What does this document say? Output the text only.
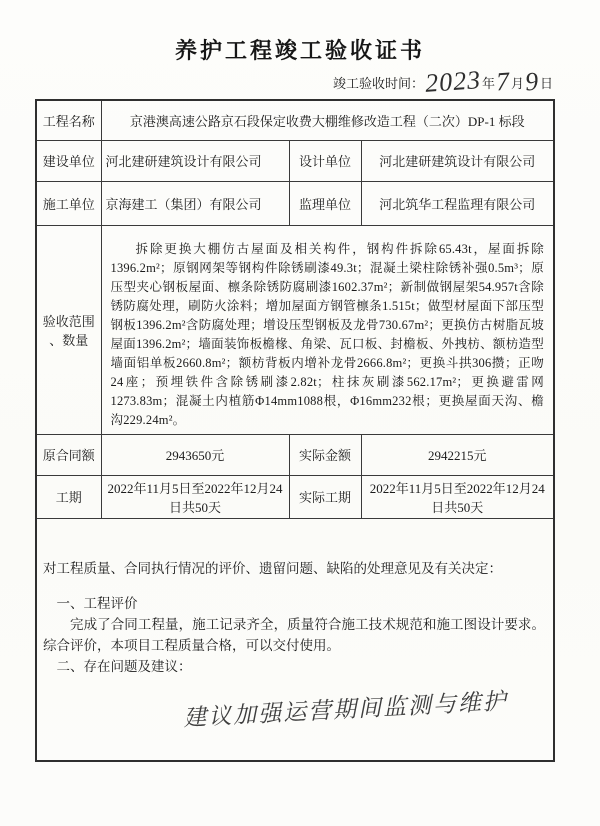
养护工程竣工验收证书
竣工验收时间：2023年7月9日
工程名称	京港澳高速公路京石段保定收费大棚维修改造工程（二次）DP-1 标段		
建设单位	河北建研建筑设计有限公司	设计单位	河北建研建筑设计有限公司
施工单位	京海建工（集团）有限公司	监理单位	河北筑华工程监理有限公司
验收范围、数量	拆除更换大棚仿古屋面及相关构件，钢构件拆除65.43t，屋面拆除1396.2m²；原钢网架等钢构件除锈刷漆49.3t；混凝土梁柱除锈补强0.5m³；原压型夹心钢板屋面、檩条除锈防腐刷漆1602.37m²；新制做钢屋架54.957t含除锈防腐处理，刷防火涂料；增加屋面方钢管檩条1.515t；做型材屋面下部压型钢板1396.2m²含防腐处理；增设压型钢板及龙骨730.67m²；更换仿古树脂瓦坡屋面1396.2m²；墙面装饰板檐椽、角梁、瓦口板、封檐板、外拽枋、额枋造型墙面铝单板2660.8m²；额枋背板内增补龙骨2666.8m²；更换斗拱306攒；正吻24座；预埋铁件含除锈刷漆2.82t；柱抹灰刷漆562.17m²；更换避雷网1273.83m；混凝土内植筋Φ14mm1088根，Φ16mm232根；更换屋面天沟、檐沟229.24m²。		

原合同额	2943650元	实际金额	2942215元
工期	2022年11月5日至2022年12月24日共50天	实际工期	2022年11月5日至2022年12月24日共50天

对工程质量、合同执行情况的评价、遗留问题、缺陷的处理意见及有关决定：

一、工程评价

完成了合同工程量，施工记录齐全，质量符合施工技术规范和施工图设计要求。综合评价，本项目工程质量合格，可以交付使用。

二、存在问题及建议：

建议加强运营期间监测与维护			
